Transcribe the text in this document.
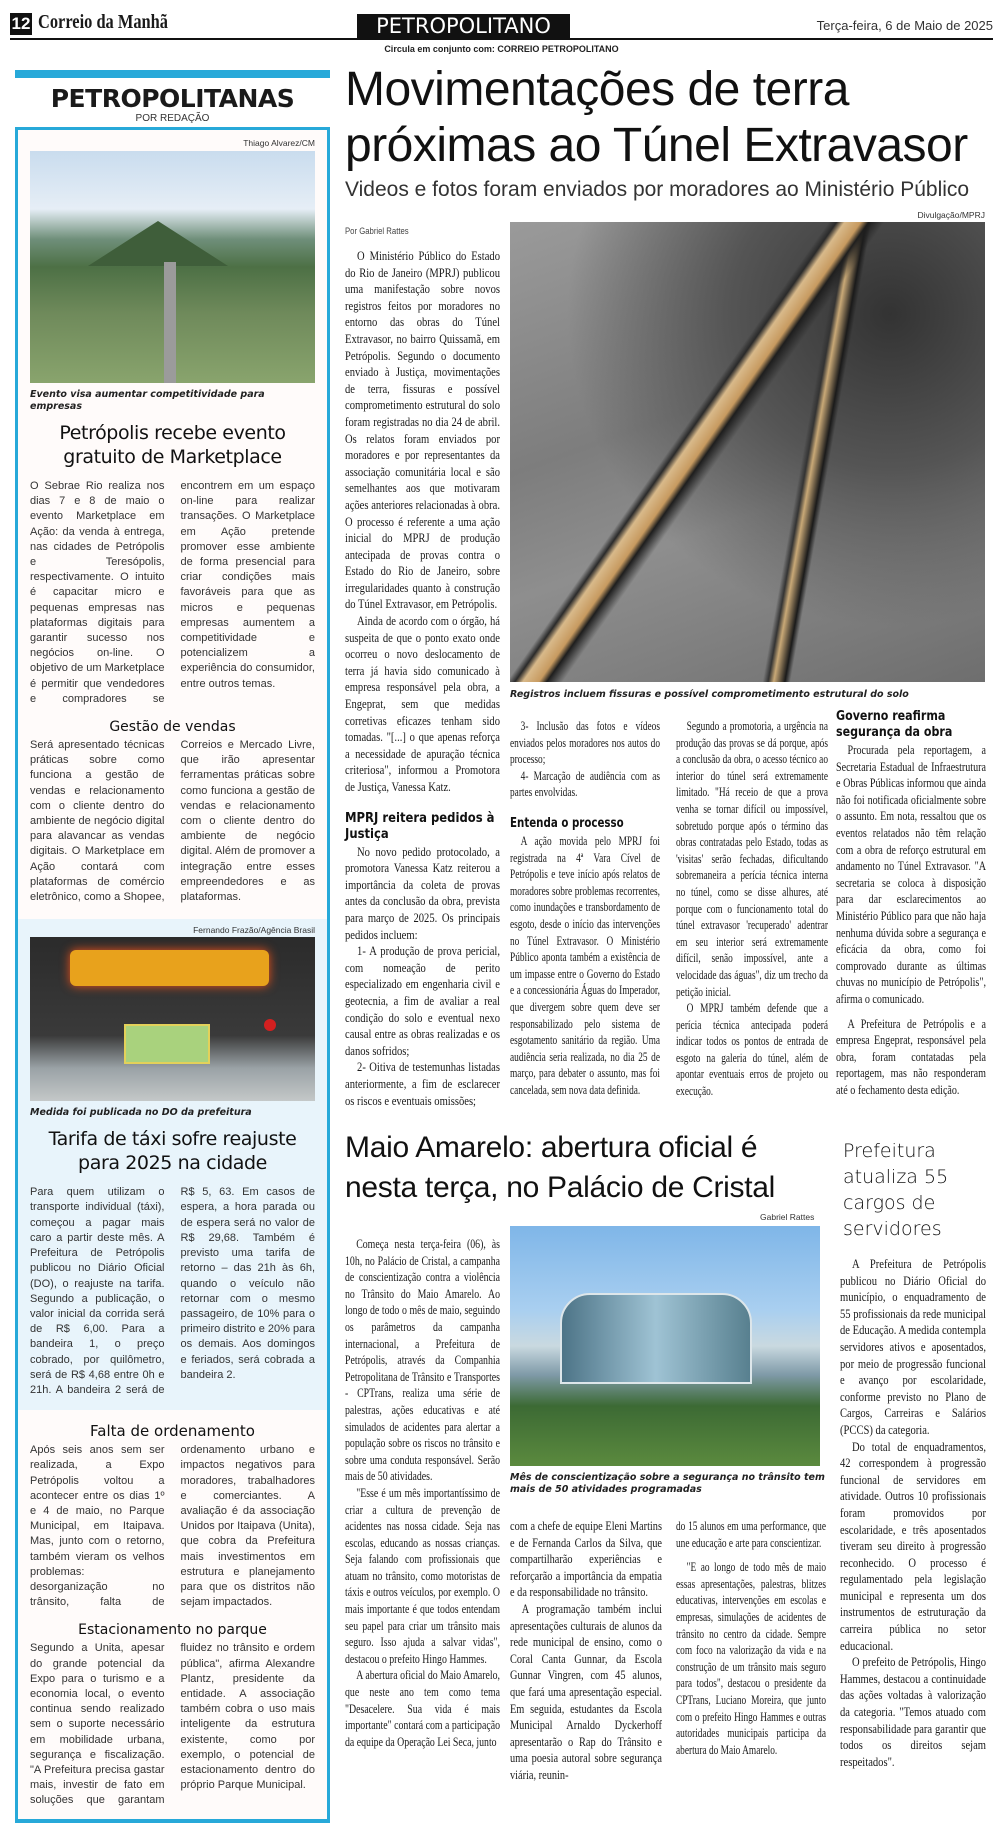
12 Correio da Manhã	PETROPOLITANO	Terça-feira, 6 de Maio de 2025
Circula em conjunto com: CORREIO PETROPOLITANO
PETROPOLITANAS
POR REDAÇÃO
Thiago Alvarez/CM
Evento visa aumentar competitividade para empresas
Petrópolis recebe evento gratuito de Marketplace
O Sebrae Rio realiza nos dias 7 e 8 de maio o evento Marketplace em Ação: da venda à entrega, nas cidades de Petrópolis e Teresópolis, respectivamente. O intuito é capacitar micro e pequenas empresas nas plataformas digitais para garantir sucesso nos negócios on-line. O objetivo de um Marketplace é permitir que vendedores e compradores se encontrem em um espaço on-line para realizar transações. O Marketplace em Ação pretende promover esse ambiente de forma presencial para criar condições mais favoráveis para que as micros e pequenas empresas aumentem a competitividade e potencializem a experiência do consumidor, entre outros temas.
Gestão de vendas
Será apresentado técnicas práticas sobre como funciona a gestão de vendas e relacionamento com o cliente dentro do ambiente de negócio digital para alavancar as vendas digitais. O Marketplace em Ação contará com plataformas de comércio eletrônico, como a Shopee, Correios e Mercado Livre, que irão apresentar ferramentas práticas sobre como funciona a gestão de vendas e relacionamento com o cliente dentro do ambiente de negócio digital. Além de promover a integração entre esses empreendedores e as plataformas.
Fernando Frazão/Agência Brasil
Medida foi publicada no DO da prefeitura
Tarifa de táxi sofre reajuste para 2025 na cidade
Para quem utilizam o transporte individual (táxi), começou a pagar mais caro a partir deste mês. A Prefeitura de Petrópolis publicou no Diário Oficial (DO), o reajuste na tarifa. Segundo a publicação, o valor inicial da corrida será de R$ 6,00. Para a bandeira 1, o preço cobrado, por quilômetro, será de R$ 4,68 entre 0h e 21h. A bandeira 2 será de R$ 5, 63. Em casos de espera, a hora parada ou de espera será no valor de R$ 29,68. Também é previsto uma tarifa de retorno – das 21h às 6h, quando o veículo não retornar com o mesmo passageiro, de 10% para o primeiro distrito e 20% para os demais. Aos domingos e feriados, será cobrada a bandeira 2.
Falta de ordenamento
Após seis anos sem ser realizada, a Expo Petrópolis voltou a acontecer entre os dias 1º e 4 de maio, no Parque Municipal, em Itaipava. Mas, junto com o retorno, também vieram os velhos problemas: desorganização no trânsito, falta de ordenamento urbano e impactos negativos para moradores, trabalhadores e comerciantes. A avaliação é da associação Unidos por Itaipava (Unita), que cobra da Prefeitura mais investimentos em estrutura e planejamento para que os distritos não sejam impactados.
Estacionamento no parque
Segundo a Unita, apesar do grande potencial da Expo para o turismo e a economia local, o evento continua sendo realizado sem o suporte necessário em mobilidade urbana, segurança e fiscalização. "A Prefeitura precisa gastar mais, investir de fato em soluções que garantam fluidez no trânsito e ordem pública", afirma Alexandre Plantz, presidente da entidade. A associação também cobra o uso mais inteligente da estrutura existente, como por exemplo, o potencial de estacionamento dentro do próprio Parque Municipal.
Movimentações de terra
próximas ao Túnel Extravasor
Videos e fotos foram enviados por moradores ao Ministério Público
Divulgação/MPRJ
Registros incluem fissuras e possível comprometimento estrutural do solo
Por Gabriel Rattes

O Ministério Público do Estado do Rio de Janeiro (MPRJ) publicou uma manifestação sobre novos registros feitos por moradores no entorno das obras do Túnel Extravasor, no bairro Quissamã, em Petrópolis. Segundo o documento enviado à Justiça, movimentações de terra, fissuras e possível comprometimento estrutural do solo foram registradas no dia 24 de abril. Os relatos foram enviados por moradores e por representantes da associação comunitária local e são semelhantes aos que motivaram ações anteriores relacionadas à obra. O processo é referente a uma ação inicial do MPRJ de produção antecipada de provas contra o Estado do Rio de Janeiro, sobre irregularidades quanto à construção do Túnel Extravasor, em Petrópolis.

Ainda de acordo com o órgão, há suspeita de que o ponto exato onde ocorreu o novo deslocamento de terra já havia sido comunicado à empresa responsável pela obra, a Engeprat, sem que medidas corretivas eficazes tenham sido tomadas. "[...] o que apenas reforça a necessidade de apuração técnica criteriosa", informou a Promotora de Justiça, Vanessa Katz.

MPRJ reitera pedidos à Justiça

No novo pedido protocolado, a promotora Vanessa Katz reiterou a importância da coleta de provas antes da conclusão da obra, prevista para março de 2025. Os principais pedidos incluem:

1- A produção de prova pericial, com nomeação de perito especializado em engenharia civil e geotecnia, a fim de avaliar a real condição do solo e eventual nexo causal entre as obras realizadas e os danos sofridos;

2- Oitiva de testemunhas listadas anteriormente, a fim de esclarecer os riscos e eventuais omissões;

3- Inclusão das fotos e vídeos enviados pelos moradores nos autos do processo;

4- Marcação de audiência com as partes envolvidas.

Entenda o processo

A ação movida pelo MPRJ foi registrada na 4ª Vara Cível de Petrópolis e teve início após relatos de moradores sobre problemas recorrentes, como inundações e transbordamento de esgoto, desde o início das intervenções no Túnel Extravasor. O Ministério Público aponta também a existência de um impasse entre o Governo do Estado e a concessionária Águas do Imperador, que divergem sobre quem deve ser responsabilizado pelo sistema de esgotamento sanitário da região. Uma audiência seria realizada, no dia 25 de março, para debater o assunto, mas foi cancelada, sem nova data definida.

Segundo a promotoria, a urgência na produção das provas se dá porque, após a conclusão da obra, o acesso técnico ao interior do túnel será extremamente limitado. "Há receio de que a prova venha se tornar difícil ou impossível, sobretudo porque após o término das obras contratadas pelo Estado, todas as 'visitas' serão fechadas, dificultando sobremaneira a perícia técnica interna no túnel, como se disse alhures, até porque com o funcionamento total do túnel extravasor 'recuperado' adentrar em seu interior será extremamente difícil, senão impossível, ante a velocidade das águas", diz um trecho da petição inicial.

O MPRJ também defende que a perícia técnica antecipada poderá indicar todos os pontos de entrada de esgoto na galeria do túnel, além de apontar eventuais erros de projeto ou execução.

Governo reafirma segurança da obra

Procurada pela reportagem, a Secretaria Estadual de Infraestrutura e Obras Públicas informou que ainda não foi notificada oficialmente sobre o assunto. Em nota, ressaltou que os eventos relatados não têm relação com a obra de reforço estrutural em andamento no Túnel Extravasor. "A secretaria se coloca à disposição para dar esclarecimentos ao Ministério Público para que não haja nenhuma dúvida sobre a segurança e eficácia da obra, como foi comprovado durante as últimas chuvas no município de Petrópolis", afirma o comunicado.

A Prefeitura de Petrópolis e a empresa Engeprat, responsável pela obra, foram contatadas pela reportagem, mas não responderam até o fechamento desta edição.

Maio Amarelo: abertura oficial é
nesta terça, no Palácio de Cristal
Gabriel Rattes
Mês de conscientização sobre a segurança no trânsito tem mais de 50 atividades programadas

Começa nesta terça-feira (06), às 10h, no Palácio de Cristal, a campanha de conscientização contra a violência no Trânsito do Maio Amarelo. Ao longo de todo o mês de maio, seguindo os parâmetros da campanha internacional, a Prefeitura de Petrópolis, através da Companhia Petropolitana de Trânsito e Transportes - CPTrans, realiza uma série de palestras, ações educativas e até simulados de acidentes para alertar a população sobre os riscos no trânsito e sobre uma conduta responsável. Serão mais de 50 atividades.

"Esse é um mês importantíssimo de criar a cultura de prevenção de acidentes nas nossa cidade. Seja nas escolas, educando as nossas crianças. Seja falando com profissionais que atuam no trânsito, como motoristas de táxis e outros veículos, por exemplo. O mais importante é que todos entendam seu papel para criar um trânsito mais seguro. Isso ajuda a salvar vidas", destacou o prefeito Hingo Hammes.

A abertura oficial do Maio Amarelo, que neste ano tem como tema "Desacelere. Sua vida é mais importante" contará com a participação da equipe da Operação Lei Seca, junto

com a chefe de equipe Eleni Martins e de Fernanda Carlos da Silva, que compartilharão experiências e reforçarão a importância da empatia e da responsabilidade no trânsito.

A programação também inclui apresentações culturais de alunos da rede municipal de ensino, como o Coral Canta Gunnar, da Escola Gunnar Vingren, com 45 alunos, que fará uma apresentação especial. Em seguida, estudantes da Escola Municipal Arnaldo Dyckerhoff apresentarão o Rap do Trânsito e uma poesia autoral sobre segurança viária, reunin-

do 15 alunos em uma performance, que une educação e arte para conscientizar.

"E ao longo de todo mês de maio essas apresentações, palestras, blitzes educativas, intervenções em escolas e empresas, simulações de acidentes de trânsito no centro da cidade. Sempre com foco na valorização da vida e na construção de um trânsito mais seguro para todos", destacou o presidente da CPTrans, Luciano Moreira, que junto com o prefeito Hingo Hammes e outras autoridades municipais participa da abertura do Maio Amarelo.

Prefeitura atualiza 55 cargos de servidores

A Prefeitura de Petrópolis publicou no Diário Oficial do município, o enquadramento de 55 profissionais da rede municipal de Educação. A medida contempla servidores ativos e aposentados, por meio de progressão funcional e avanço por escolaridade, conforme previsto no Plano de Cargos, Carreiras e Salários (PCCS) da categoria.

Do total de enquadramentos, 42 correspondem à progressão funcional de servidores em atividade. Outros 10 profissionais foram promovidos por escolaridade, e três aposentados tiveram seu direito à progressão reconhecido. O processo é regulamentado pela legislação municipal e representa um dos instrumentos de estruturação da carreira pública no setor educacional.

O prefeito de Petrópolis, Hingo Hammes, destacou a continuidade das ações voltadas à valorização da categoria. "Temos atuado com responsabilidade para garantir que todos os direitos sejam respeitados".
